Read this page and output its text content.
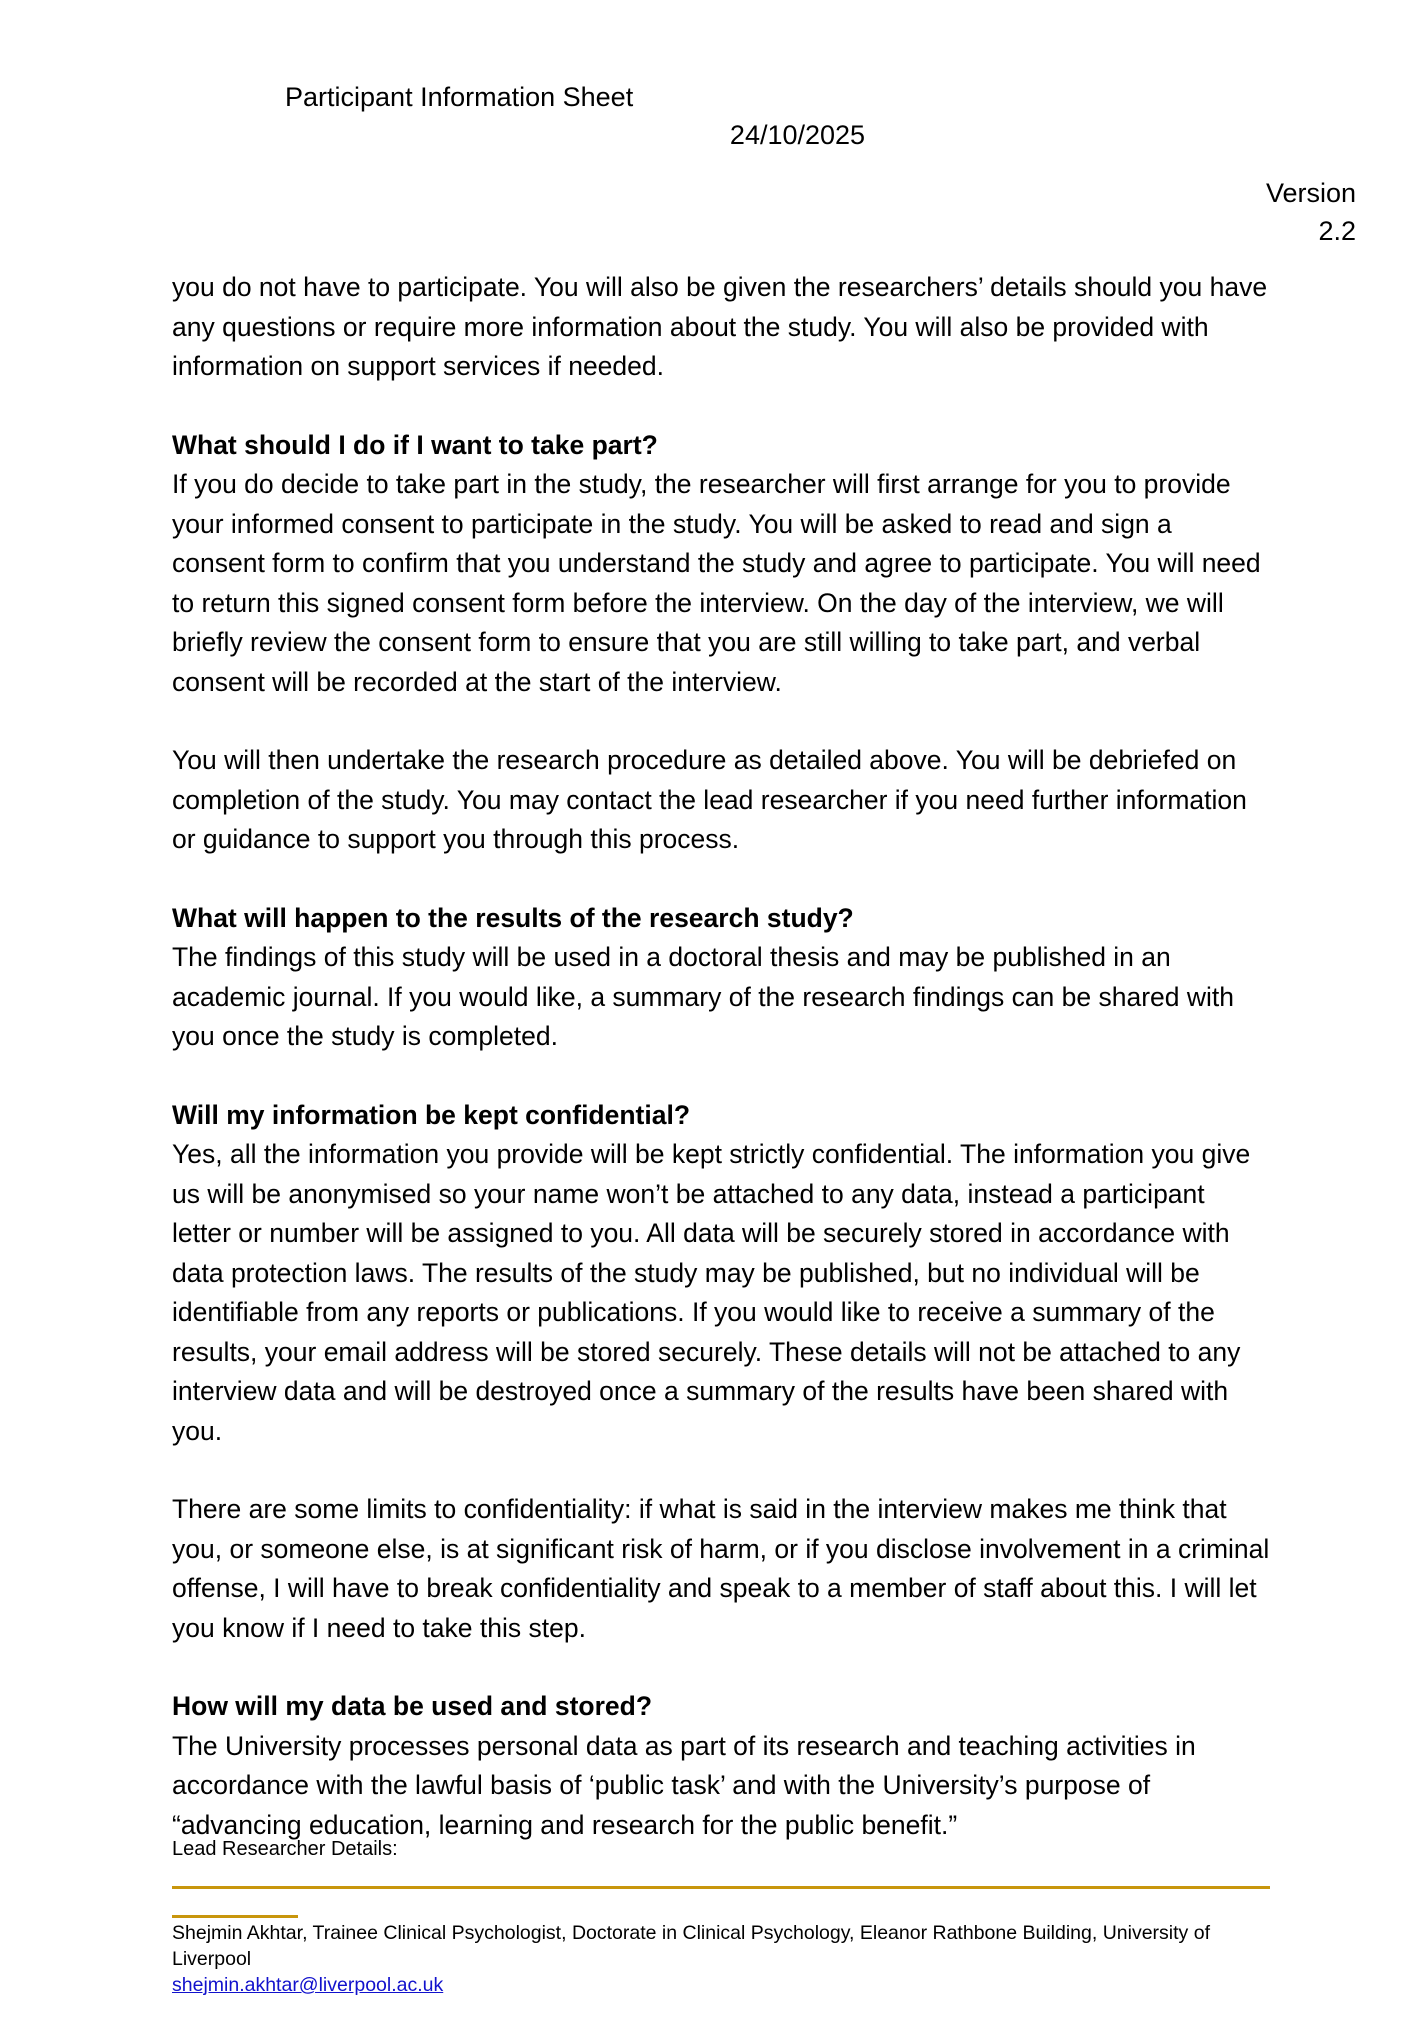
Participant Information Sheet
24/10/2025
Version
2.2

you do not have to participate. You will also be given the researchers’ details should you have any questions or require more information about the study. You will also be provided with information on support services if needed.

What should I do if I want to take part?

If you do decide to take part in the study, the researcher will first arrange for you to provide your informed consent to participate in the study. You will be asked to read and sign a consent form to confirm that you understand the study and agree to participate. You will need to return this signed consent form before the interview. On the day of the interview, we will briefly review the consent form to ensure that you are still willing to take part, and verbal consent will be recorded at the start of the interview.

You will then undertake the research procedure as detailed above. You will be debriefed on completion of the study. You may contact the lead researcher if you need further information or guidance to support you through this process.

What will happen to the results of the research study?

The findings of this study will be used in a doctoral thesis and may be published in an academic journal. If you would like, a summary of the research findings can be shared with you once the study is completed.

Will my information be kept confidential?

Yes, all the information you provide will be kept strictly confidential. The information you give us will be anonymised so your name won’t be attached to any data, instead a participant letter or number will be assigned to you. All data will be securely stored in accordance with data protection laws. The results of the study may be published, but no individual will be identifiable from any reports or publications. If you would like to receive a summary of the results, your email address will be stored securely. These details will not be attached to any interview data and will be destroyed once a summary of the results have been shared with you.

There are some limits to confidentiality: if what is said in the interview makes me think that you, or someone else, is at significant risk of harm, or if you disclose involvement in a criminal offense, I will have to break confidentiality and speak to a member of staff about this. I will let you know if I need to take this step.

How will my data be used and stored?

The University processes personal data as part of its research and teaching activities in accordance with the lawful basis of ‘public task’ and with the University’s purpose of “advancing education, learning and research for the public benefit.”

Lead Researcher Details:

Shejmin Akhtar, Trainee Clinical Psychologist, Doctorate in Clinical Psychology, Eleanor Rathbone Building, University of Liverpool

shejmin.akhtar@liverpool.ac.uk
